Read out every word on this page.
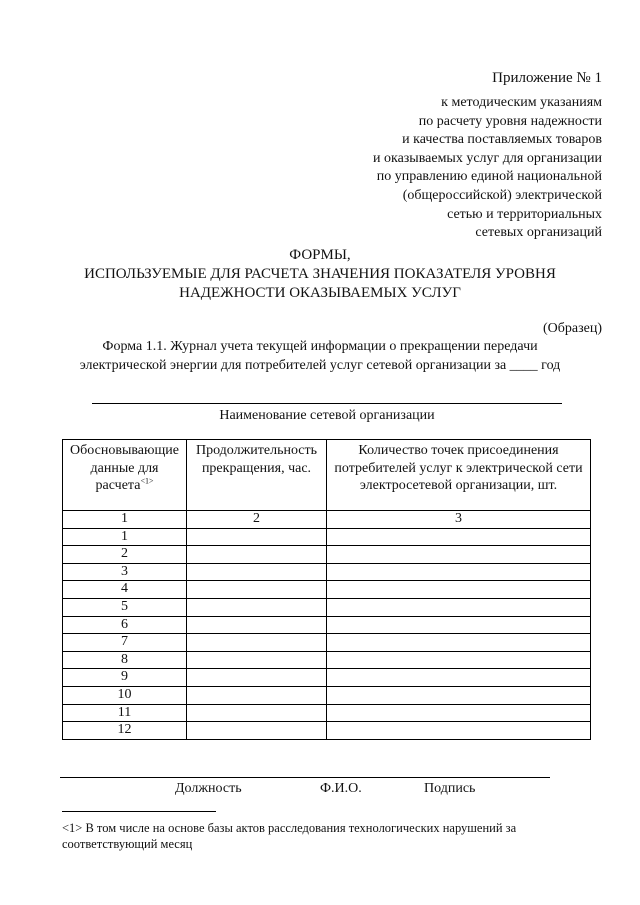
Приложение № 1
к методическим указаниям
по расчету уровня надежности
и качества поставляемых товаров
и оказываемых услуг для организации
по управлению единой национальной
(общероссийской) электрической
сетью и территориальных
сетевых организаций
ФОРМЫ,
ИСПОЛЬЗУЕМЫЕ ДЛЯ РАСЧЕТА ЗНАЧЕНИЯ ПОКАЗАТЕЛЯ УРОВНЯ
НАДЕЖНОСТИ ОКАЗЫВАЕМЫХ УСЛУГ
(Образец)
Форма 1.1. Журнал учета текущей информации о прекращении передачи
электрической энергии для потребителей услуг сетевой организации за ____ год
Наименование сетевой организации
Обосновывающие данные для расчета$^{<1>}$	Продолжительность прекращения, час.	Количество точек присоединения потребителей услуг к электрической сети электросетевой организации, шт.
1	2	3
1		
2		
3		
4		
5		
6		
7		
8		
9		
10		
11		
12		
Должность	Ф.И.О.	Подпись
<1> В том числе на основе базы актов расследования технологических нарушений за
соответствующий месяц
